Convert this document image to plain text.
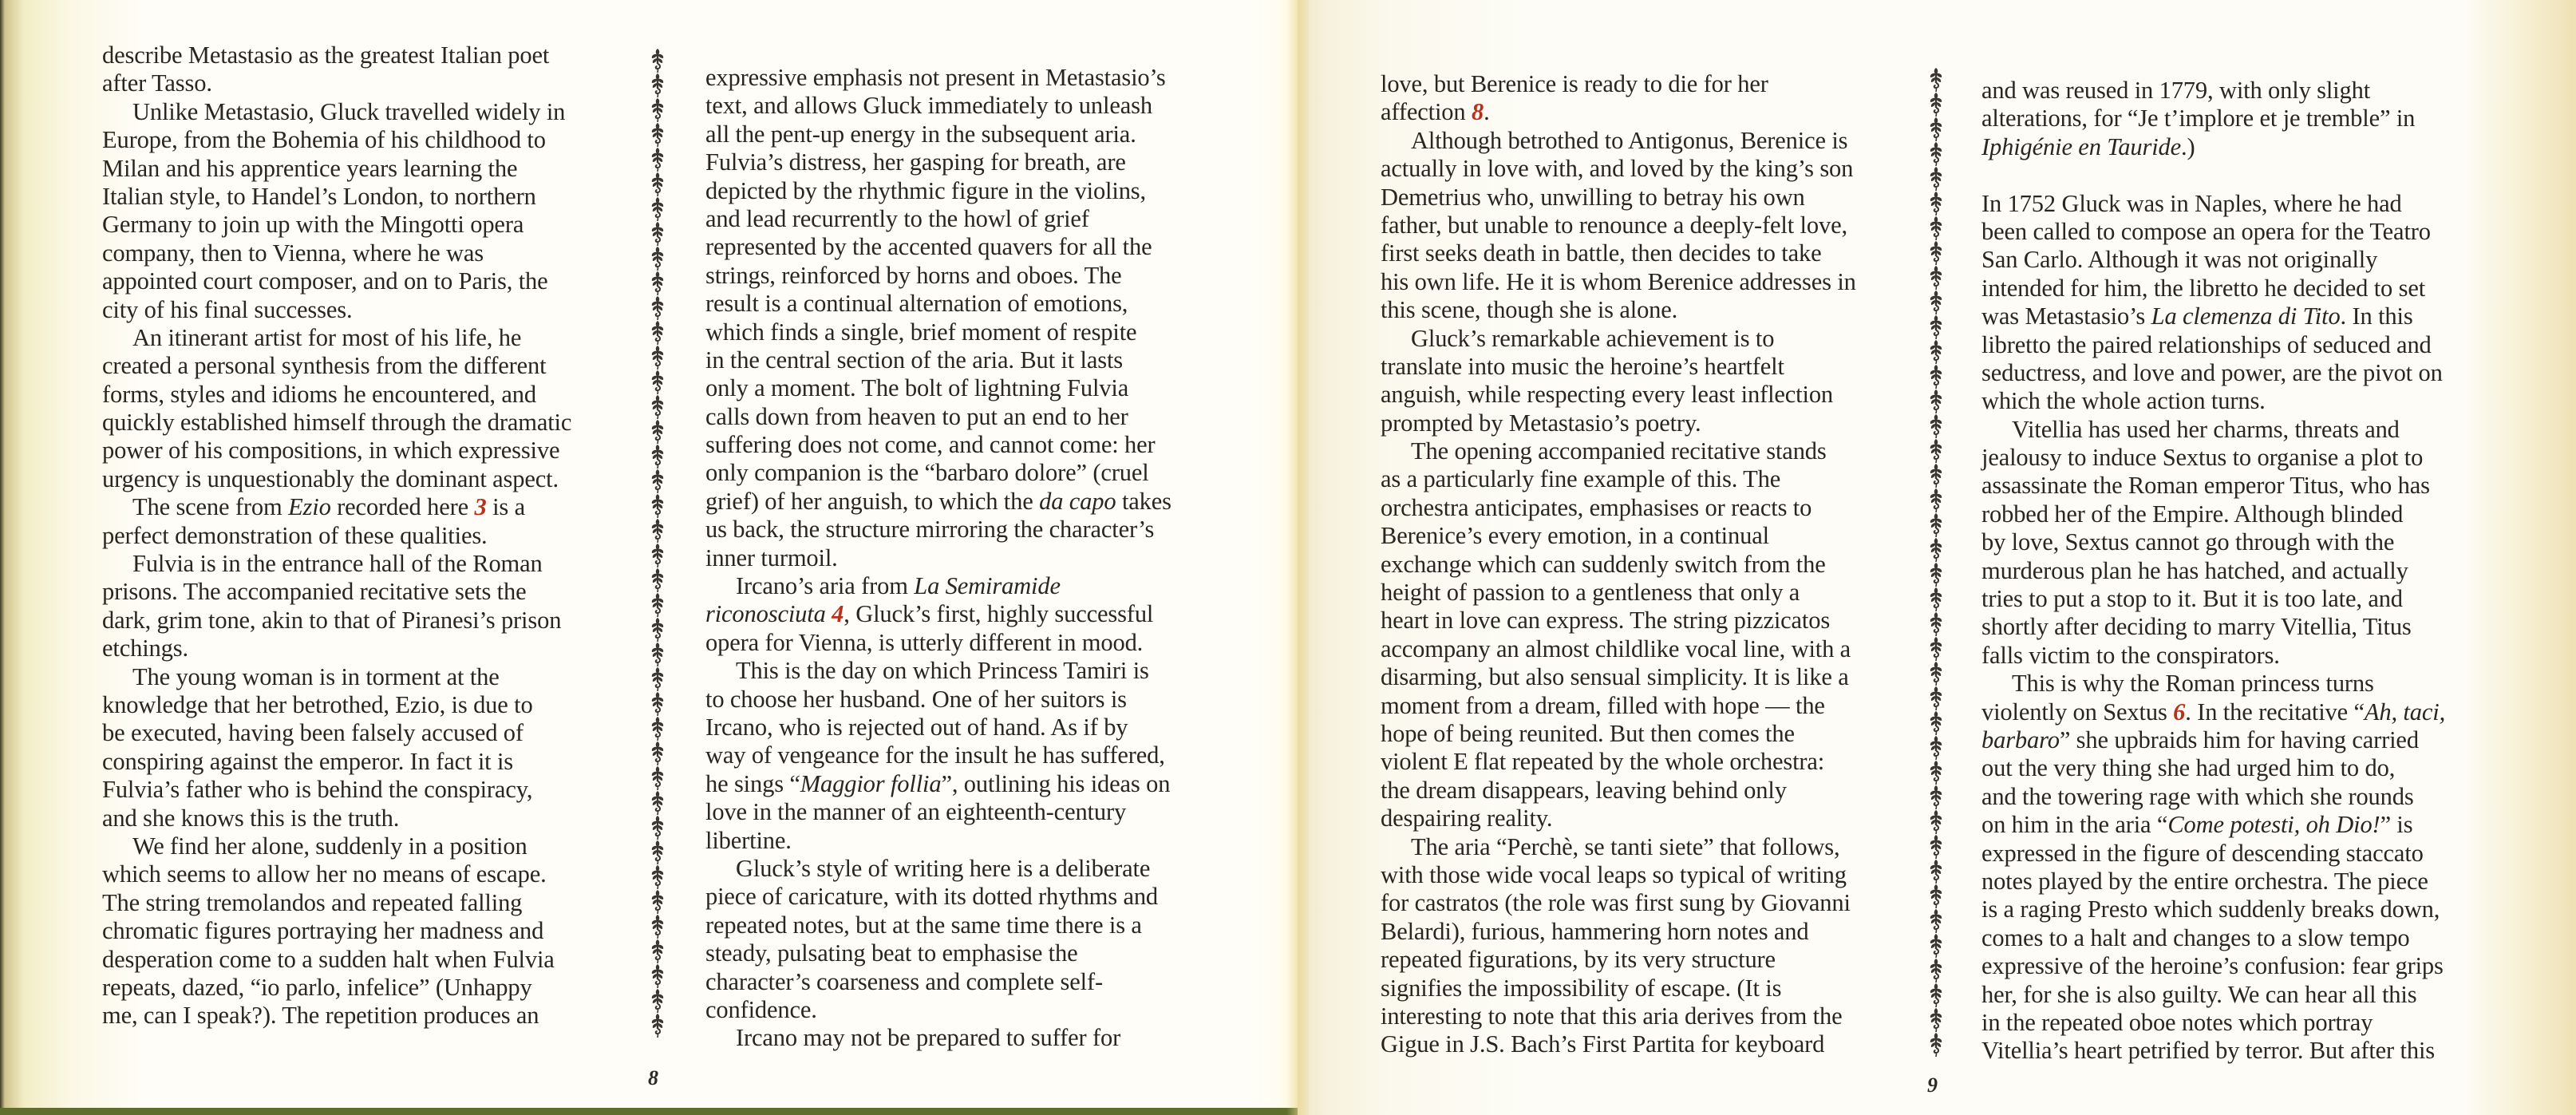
describe Metastasio as the greatest Italian poet
after Tasso.
Unlike Metastasio, Gluck travelled widely in
Europe, from the Bohemia of his childhood to
Milan and his apprentice years learning the
Italian style, to Handel’s London, to northern
Germany to join up with the Mingotti opera
company, then to Vienna, where he was
appointed court composer, and on to Paris, the
city of his final successes.
An itinerant artist for most of his life, he
created a personal synthesis from the different
forms, styles and idioms he encountered, and
quickly established himself through the dramatic
power of his compositions, in which expressive
urgency is unquestionably the dominant aspect.
The scene from Ezio recorded here 3 is a
perfect demonstration of these qualities.
Fulvia is in the entrance hall of the Roman
prisons. The accompanied recitative sets the
dark, grim tone, akin to that of Piranesi’s prison
etchings.
The young woman is in torment at the
knowledge that her betrothed, Ezio, is due to
be executed, having been falsely accused of
conspiring against the emperor. In fact it is
Fulvia’s father who is behind the conspiracy,
and she knows this is the truth.
We find her alone, suddenly in a position
which seems to allow her no means of escape.
The string tremolandos and repeated falling
chromatic figures portraying her madness and
desperation come to a sudden halt when Fulvia
repeats, dazed, “io parlo, infelice” (Unhappy
me, can I speak?). The repetition produces an
expressive emphasis not present in Metastasio’s
text, and allows Gluck immediately to unleash
all the pent-up energy in the subsequent aria.
Fulvia’s distress, her gasping for breath, are
depicted by the rhythmic figure in the violins,
and lead recurrently to the howl of grief
represented by the accented quavers for all the
strings, reinforced by horns and oboes. The
result is a continual alternation of emotions,
which finds a single, brief moment of respite
in the central section of the aria. But it lasts
only a moment. The bolt of lightning Fulvia
calls down from heaven to put an end to her
suffering does not come, and cannot come: her
only companion is the “barbaro dolore” (cruel
grief) of her anguish, to which the da capo takes
us back, the structure mirroring the character’s
inner turmoil.
Ircano’s aria from La Semiramide
riconosciuta 4, Gluck’s first, highly successful
opera for Vienna, is utterly different in mood.
This is the day on which Princess Tamiri is
to choose her husband. One of her suitors is
Ircano, who is rejected out of hand. As if by
way of vengeance for the insult he has suffered,
he sings “Maggior follia”, outlining his ideas on
love in the manner of an eighteenth-century
libertine.
Gluck’s style of writing here is a deliberate
piece of caricature, with its dotted rhythms and
repeated notes, but at the same time there is a
steady, pulsating beat to emphasise the
character’s coarseness and complete self-
confidence.
Ircano may not be prepared to suffer for
8
love, but Berenice is ready to die for her
affection 8.
Although betrothed to Antigonus, Berenice is
actually in love with, and loved by the king’s son
Demetrius who, unwilling to betray his own
father, but unable to renounce a deeply-felt love,
first seeks death in battle, then decides to take
his own life. He it is whom Berenice addresses in
this scene, though she is alone.
Gluck’s remarkable achievement is to
translate into music the heroine’s heartfelt
anguish, while respecting every least inflection
prompted by Metastasio’s poetry.
The opening accompanied recitative stands
as a particularly fine example of this. The
orchestra anticipates, emphasises or reacts to
Berenice’s every emotion, in a continual
exchange which can suddenly switch from the
height of passion to a gentleness that only a
heart in love can express. The string pizzicatos
accompany an almost childlike vocal line, with a
disarming, but also sensual simplicity. It is like a
moment from a dream, filled with hope — the
hope of being reunited. But then comes the
violent E flat repeated by the whole orchestra:
the dream disappears, leaving behind only
despairing reality.
The aria “Perchè, se tanti siete” that follows,
with those wide vocal leaps so typical of writing
for castratos (the role was first sung by Giovanni
Belardi), furious, hammering horn notes and
repeated figurations, by its very structure
signifies the impossibility of escape. (It is
interesting to note that this aria derives from the
Gigue in J.S. Bach’s First Partita for keyboard
and was reused in 1779, with only slight
alterations, for “Je t’implore et je tremble” in
Iphigénie en Tauride.)
In 1752 Gluck was in Naples, where he had
been called to compose an opera for the Teatro
San Carlo. Although it was not originally
intended for him, the libretto he decided to set
was Metastasio’s La clemenza di Tito. In this
libretto the paired relationships of seduced and
seductress, and love and power, are the pivot on
which the whole action turns.
Vitellia has used her charms, threats and
jealousy to induce Sextus to organise a plot to
assassinate the Roman emperor Titus, who has
robbed her of the Empire. Although blinded
by love, Sextus cannot go through with the
murderous plan he has hatched, and actually
tries to put a stop to it. But it is too late, and
shortly after deciding to marry Vitellia, Titus
falls victim to the conspirators.
This is why the Roman princess turns
violently on Sextus 6. In the recitative “Ah, taci,
barbaro” she upbraids him for having carried
out the very thing she had urged him to do,
and the towering rage with which she rounds
on him in the aria “Come potesti, oh Dio!” is
expressed in the figure of descending staccato
notes played by the entire orchestra. The piece
is a raging Presto which suddenly breaks down,
comes to a halt and changes to a slow tempo
expressive of the heroine’s confusion: fear grips
her, for she is also guilty. We can hear all this
in the repeated oboe notes which portray
Vitellia’s heart petrified by terror. But after this
9
